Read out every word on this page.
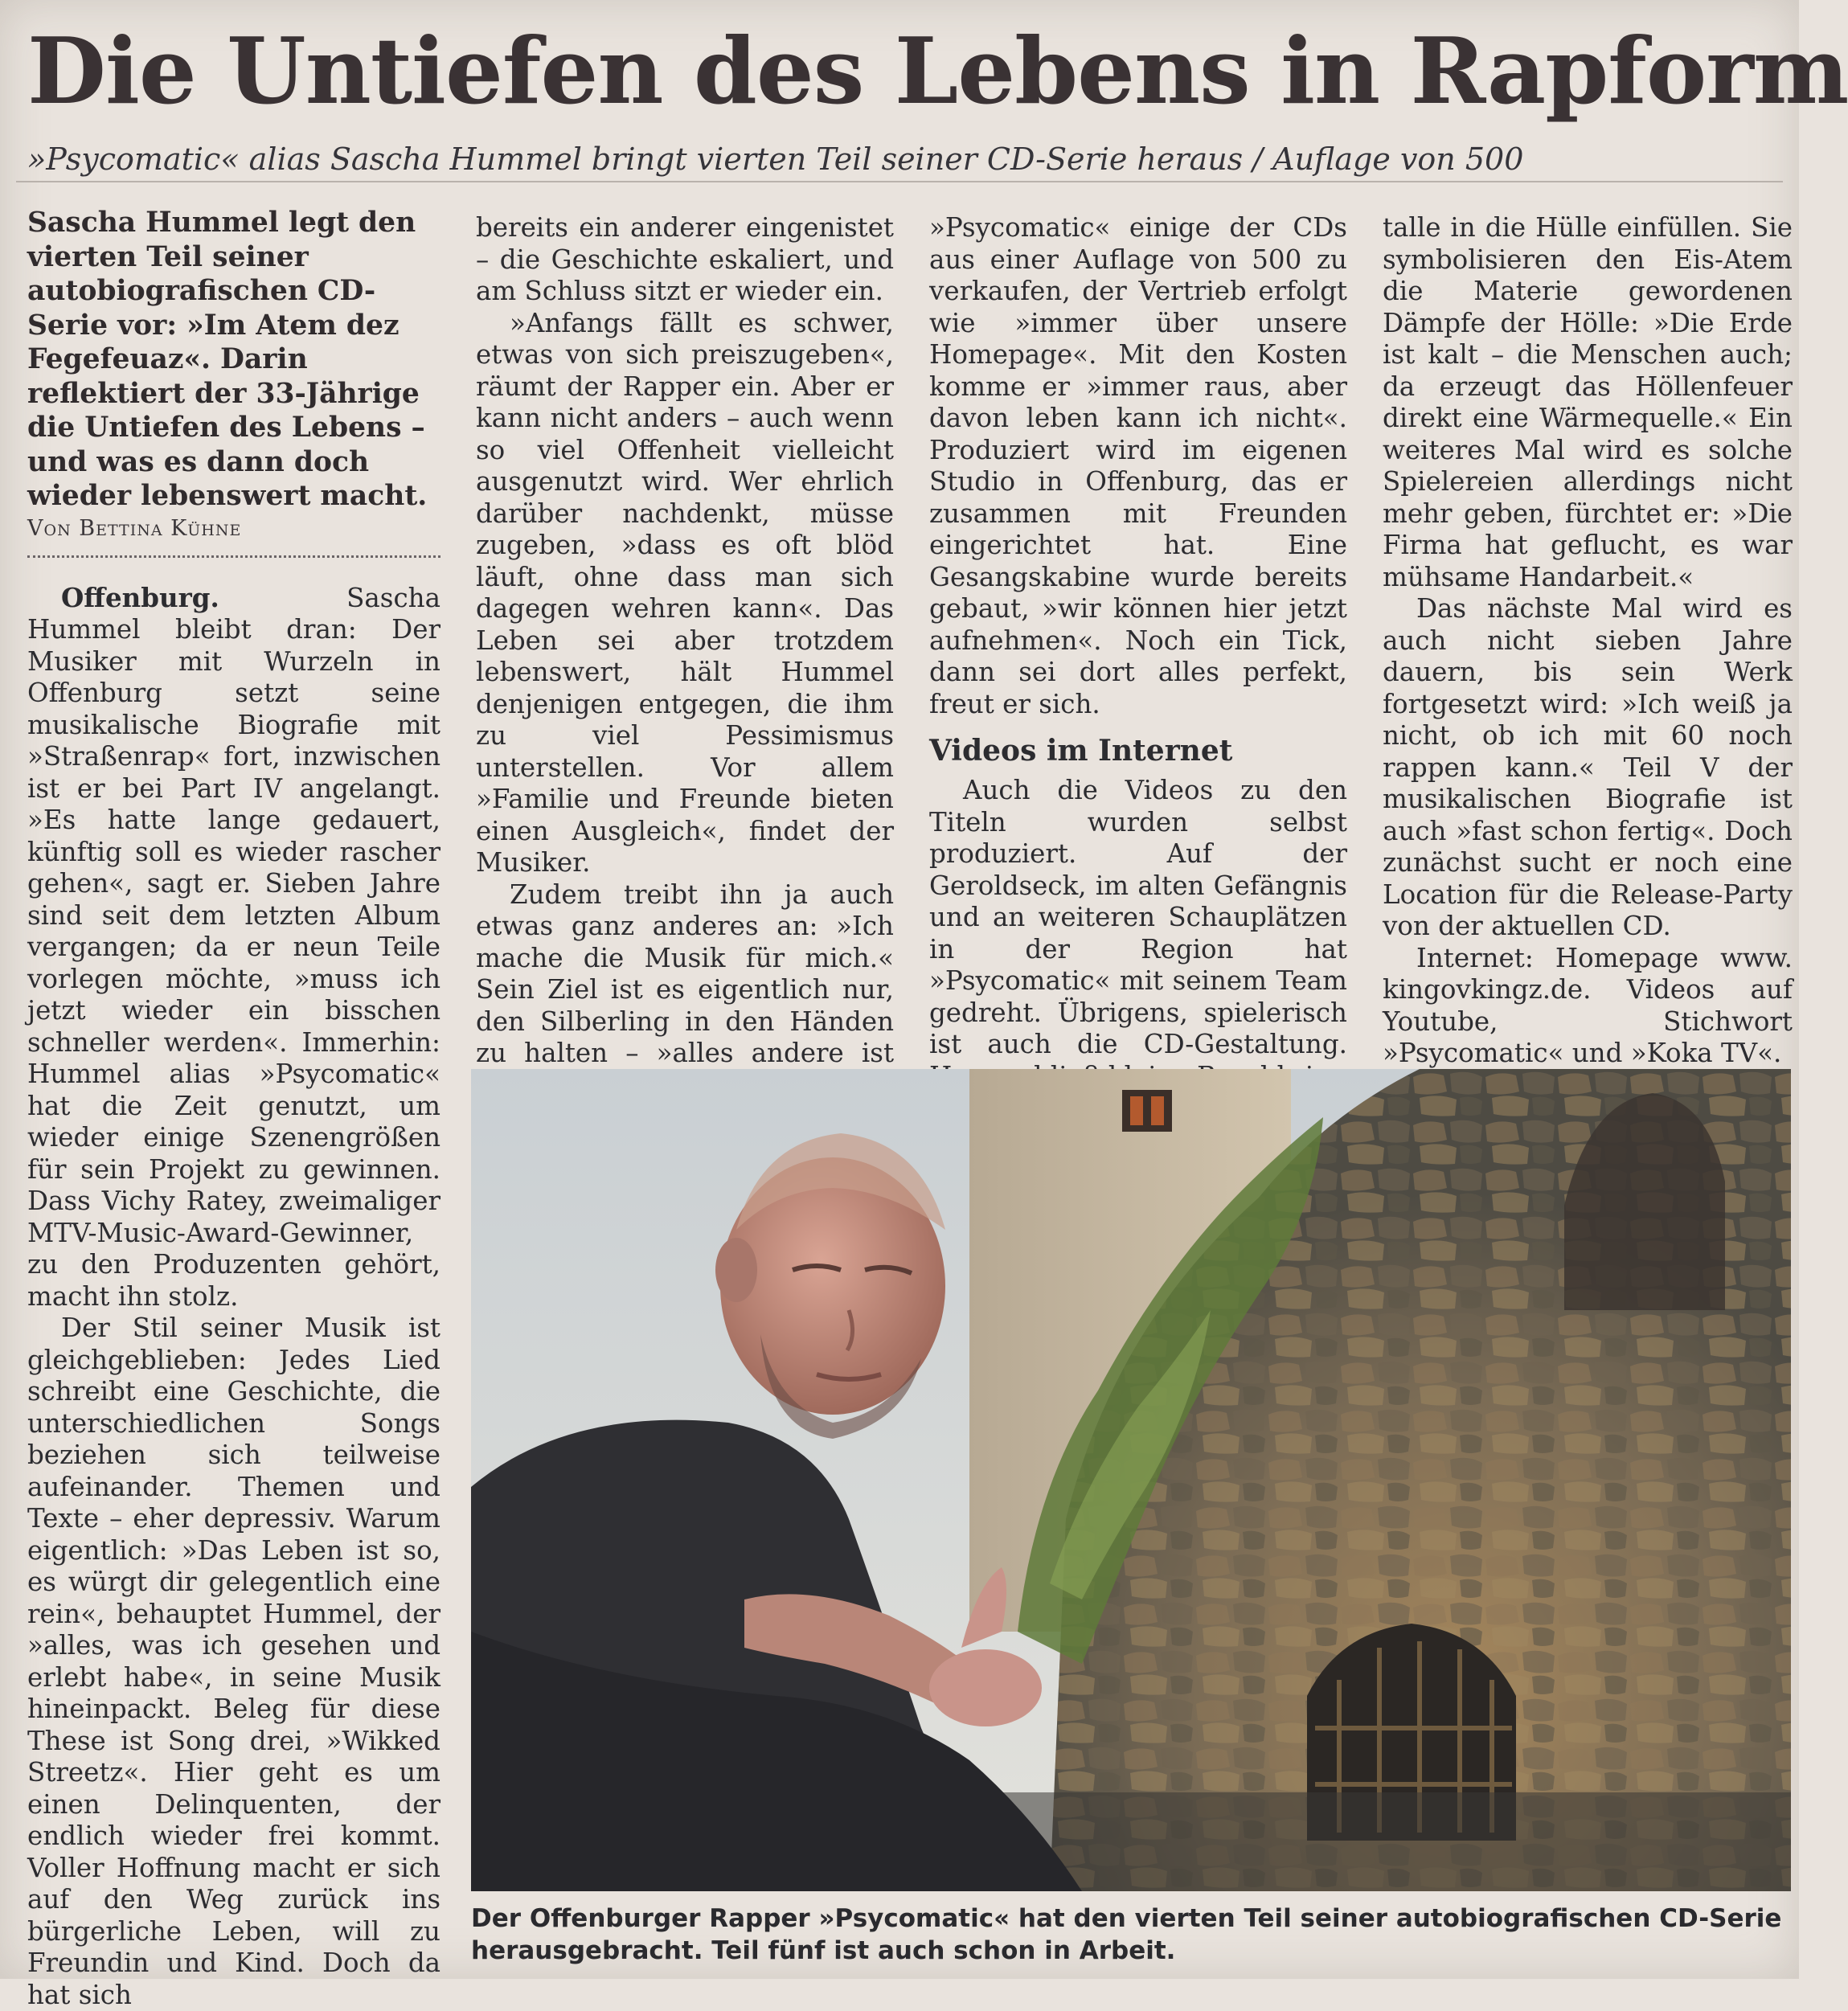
Die Untiefen des Lebens in Rapform

»Psycomatic« alias Sascha Hummel bringt vierten Teil seiner CD-Serie heraus / Auflage von 500

Sascha Hummel legt den vierten Teil seiner autobiografischen CD-Serie vor: »Im Atem dez Fegefeuaz«. Darin reflektiert der 33-Jährige die Untiefen des Lebens – und was es dann doch wieder lebenswert macht.

Von Bettina Kühne

Offenburg.	Sascha Hummel bleibt dran: Der Musiker mit Wurzeln in Offenburg setzt seine musikalische Biografie mit »Straßenrap« fort, inzwischen ist er bei Part IV angelangt. »Es hatte lange gedauert, künftig soll es wieder rascher gehen«, sagt er. Sieben Jahre sind seit dem letzten Album vergangen; da er neun Teile vorlegen möchte, »muss ich jetzt wieder ein bisschen schneller werden«. Immerhin: Hummel alias »Psycomatic« hat die Zeit genutzt, um wieder einige Szenengrößen für sein Projekt zu gewinnen. Dass Vichy Ratey, zweimaliger MTV-Music-Award-Gewinner, zu den Produzenten gehört, macht ihn stolz.

Der Stil seiner Musik ist gleichgeblieben: Jedes Lied schreibt eine Geschichte, die unterschiedlichen Songs beziehen sich teilweise aufeinander. Themen und Texte – eher depressiv. Warum eigentlich: »Das Leben ist so, es würgt dir gelegentlich eine rein«, behauptet Hummel, der »alles, was ich gesehen und erlebt habe«, in seine Musik hineinpackt. Beleg für diese These ist Song drei, »Wikked Streetz«. Hier geht es um einen Delinquenten, der endlich wieder frei kommt. Voller Hoffnung macht er sich auf den Weg zurück ins bürgerliche Leben, will zu Freundin und Kind. Doch da hat sich

bereits ein anderer eingenistet – die Geschichte eskaliert, und am Schluss sitzt er wieder ein.

»Anfangs fällt es schwer, etwas von sich preiszugeben«, räumt der Rapper ein. Aber er kann nicht anders – auch wenn so viel Offenheit vielleicht ausgenutzt wird. Wer ehrlich darüber nachdenkt, müsse zugeben, »dass es oft blöd läuft, ohne dass man sich dagegen wehren kann«. Das Leben sei aber trotzdem lebenswert, hält Hummel denjenigen entgegen, die ihm zu viel Pessimismus unterstellen. Vor allem »Familie und Freunde bieten einen Ausgleich«, findet der Musiker.

Zudem treibt ihn ja auch etwas ganz anderes an: »Ich mache die Musik für mich.« Sein Ziel ist es eigentlich nur, den Silberling in den Händen zu halten – »alles andere ist

»Psycomatic« einige der CDs aus einer Auflage von 500 zu verkaufen, der Vertrieb erfolgt wie »immer über unsere Homepage«. Mit den Kosten komme er »immer raus, aber davon leben kann ich nicht«. Produziert wird im eigenen Studio in Offenburg, das er zusammen mit Freunden eingerichtet hat. Eine Gesangskabine wurde bereits gebaut, »wir können hier jetzt aufnehmen«. Noch ein Tick, dann sei dort alles perfekt, freut er sich.

Videos im Internet

Auch die Videos zu den Titeln wurden selbst produziert. Auf der Geroldseck, im alten Gefängnis und an weiteren Schauplätzen in der Region hat »Psycomatic« mit seinem Team gedreht. Übrigens, spielerisch ist auch die CD-Gestaltung.

talle in die Hülle einfüllen. Sie symbolisieren den Eis-Atem die Materie gewordenen Dämpfe der Hölle: »Die Erde ist kalt – die Menschen auch; da erzeugt das Höllenfeuer direkt eine Wärmequelle.« Ein weiteres Mal wird es solche Spielereien allerdings nicht mehr geben, fürchtet er: »Die Firma hat geflucht, es war mühsame Handarbeit.«

Das nächste Mal wird es auch nicht sieben Jahre dauern, bis sein Werk fortgesetzt wird: »Ich weiß ja nicht, ob ich mit 60 noch rappen kann.« Teil V der musikalischen Biografie ist auch »fast schon fertig«. Doch zunächst sucht er noch eine Location für die Release-Party von der aktuellen CD.

Internet: Homepage www. kingovkingz.de. Videos auf Youtube, Stichwort »Psycomatic« und »Koka TV«.

Der Offenburger Rapper »Psycomatic« hat den vierten Teil seiner autobiografischen CD-Serie herausgebracht. Teil fünf ist auch schon in Arbeit.
